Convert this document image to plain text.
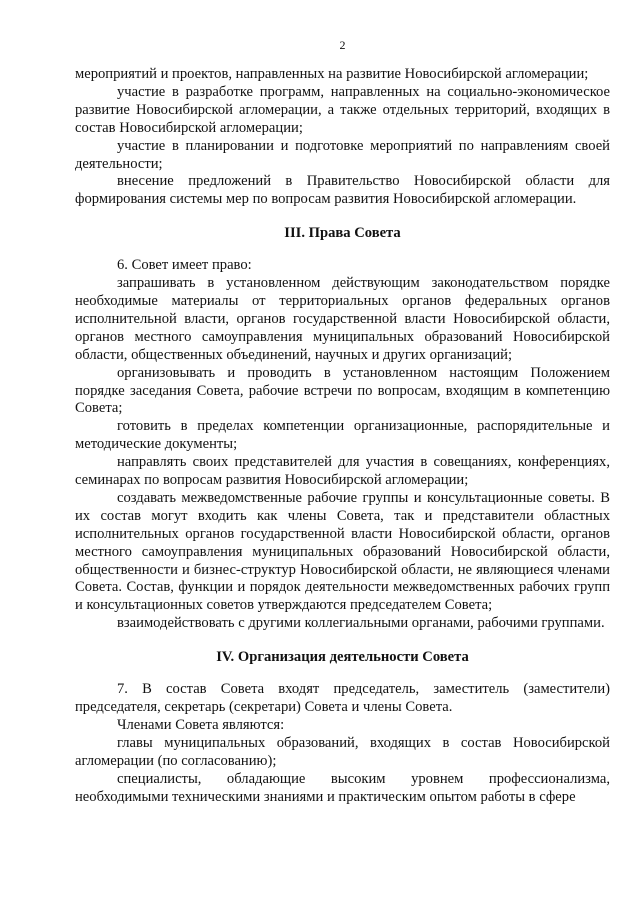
2

мероприятий и проектов, направленных на развитие Новосибирской агломерации;

участие в разработке программ, направленных на социально-экономическое развитие Новосибирской агломерации, а также отдельных территорий, входящих в состав Новосибирской агломерации;

участие в планировании и подготовке мероприятий по направлениям своей деятельности;

внесение предложений в Правительство Новосибирской области для формирования системы мер по вопросам развития Новосибирской агломерации.

III. Права Совета

6. Совет имеет право:

запрашивать в установленном действующим законодательством порядке необходимые материалы от территориальных органов федеральных органов исполнительной власти, органов государственной власти Новосибирской области, органов местного самоуправления муниципальных образований Новосибирской области, общественных объединений, научных и других организаций;

организовывать и проводить в установленном настоящим Положением порядке заседания Совета, рабочие встречи по вопросам, входящим в компетенцию Совета;

готовить в пределах компетенции организационные, распорядительные и методические документы;

направлять своих представителей для участия в совещаниях, конференциях, семинарах по вопросам развития Новосибирской агломерации;

создавать межведомственные рабочие группы и консультационные советы. В их состав могут входить как члены Совета, так и представители областных исполнительных органов государственной власти Новосибирской области, органов местного самоуправления муниципальных образований Новосибирской области, общественности и бизнес-структур Новосибирской области, не являющиеся членами Совета. Состав, функции и порядок деятельности межведомственных рабочих групп и консультационных советов утверждаются председателем Совета;

взаимодействовать с другими коллегиальными органами, рабочими группами.

IV. Организация деятельности Совета

7. В состав Совета входят председатель, заместитель (заместители) председателя, секретарь (секретари) Совета и члены Совета.

Членами Совета являются:

главы муниципальных образований, входящих в состав Новосибирской агломерации (по согласованию);

специалисты, обладающие высоким уровнем профессионализма, необходимыми техническими знаниями и практическим опытом работы в сфере
